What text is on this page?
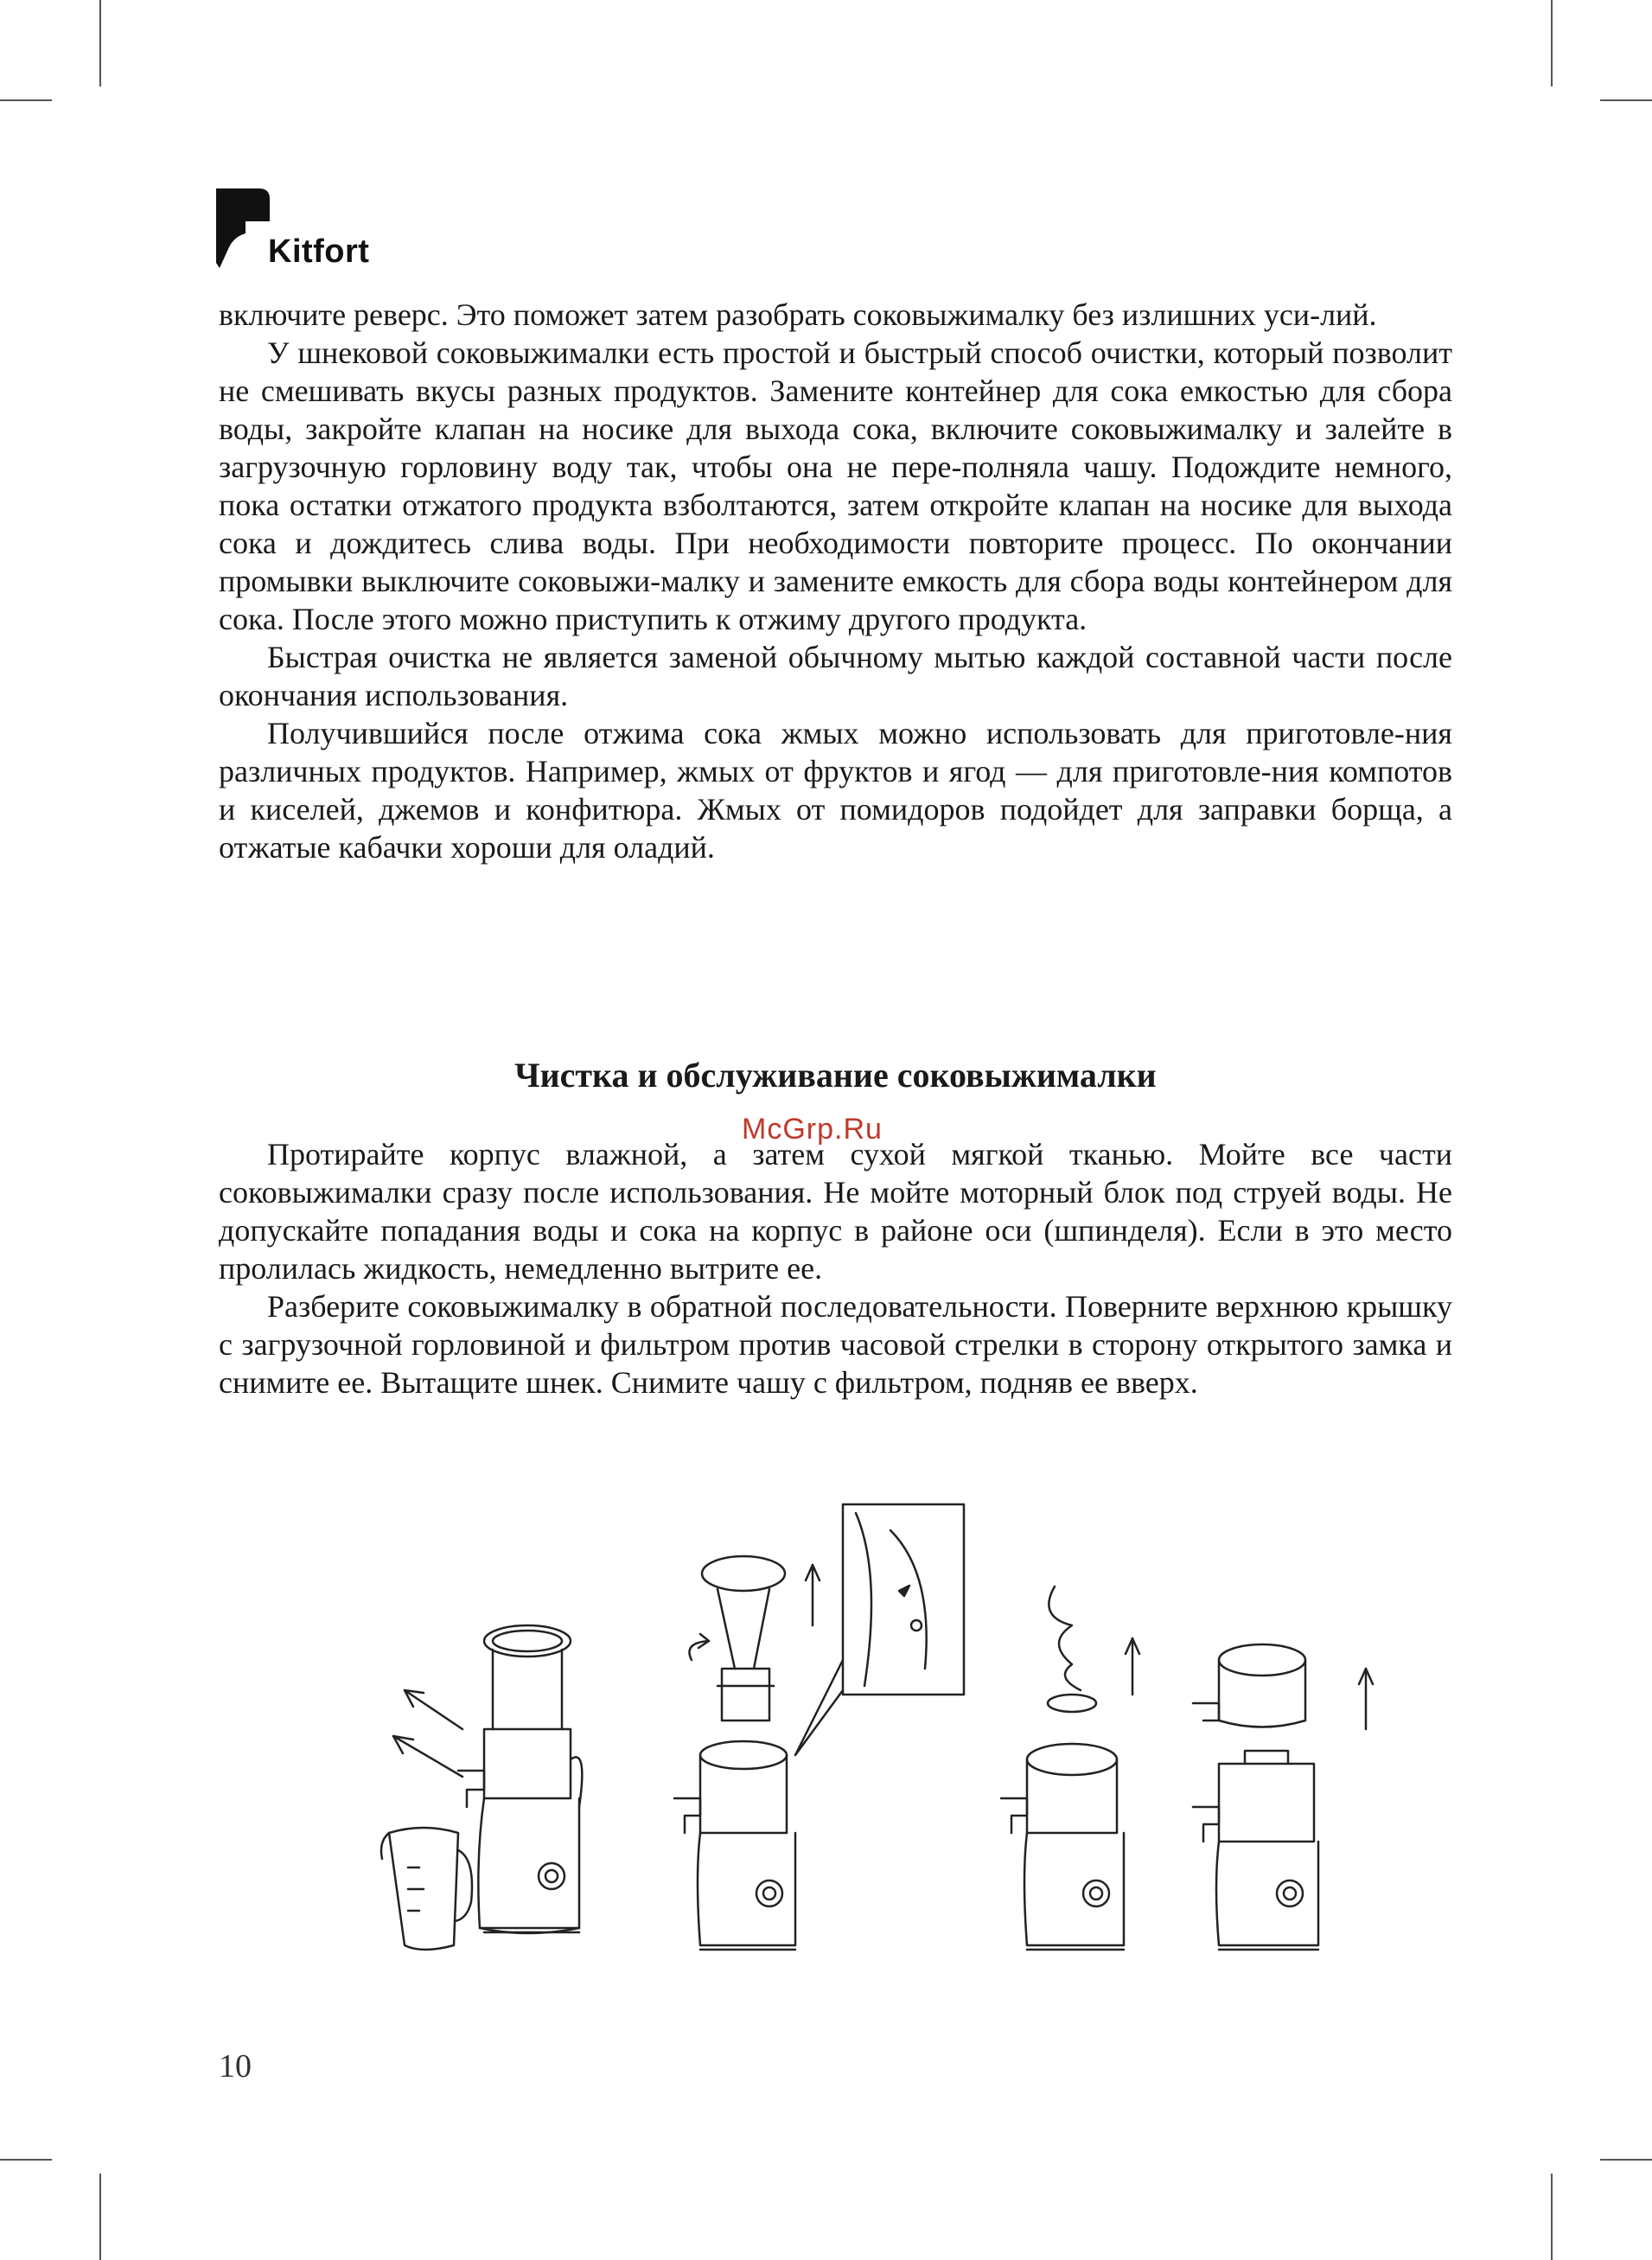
Kitfort

включите реверс. Это поможет затем разобрать соковыжималку без излишних уси-лий.

У шнековой соковыжималки есть простой и быстрый способ очистки, который позволит не смешивать вкусы разных продуктов. Замените контейнер для сока емкостью для сбора воды, закройте клапан на носике для выхода сока, включите соковыжималку и залейте в загрузочную горловину воду так, чтобы она не пере-полняла чашу. Подождите немного, пока остатки отжатого продукта взболтаются, затем откройте клапан на носике для выхода сока и дождитесь слива воды. При необходимости повторите процесс. По окончании промывки выключите соковыжи-малку и замените емкость для сбора воды контейнером для сока. После этого можно приступить к отжиму другого продукта.

Быстрая очистка не является заменой обычному мытью каждой составной части после окончания использования.

Получившийся после отжима сока жмых можно использовать для приготовле-ния различных продуктов. Например, жмых от фруктов и ягод — для приготовле-ния компотов и киселей, джемов и конфитюра. Жмых от помидоров подойдет для заправки борща, а отжатые кабачки хороши для оладий.

Чистка и обслуживание соковыжималки
McGrp.Ru

Протирайте корпус влажной, а затем сухой мягкой тканью. Мойте все части соковыжималки сразу после использования. Не мойте моторный блок под струей воды. Не допускайте попадания воды и сока на корпус в районе оси (шпинделя). Если в это место пролилась жидкость, немедленно вытрите ее.

Разберите соковыжималку в обратной последовательности. Поверните верхнюю крышку с загрузочной горловиной и фильтром против часовой стрелки в сторону открытого замка и снимите ее. Вытащите шнек. Снимите чашу с фильтром, подняв ее вверх.

10
